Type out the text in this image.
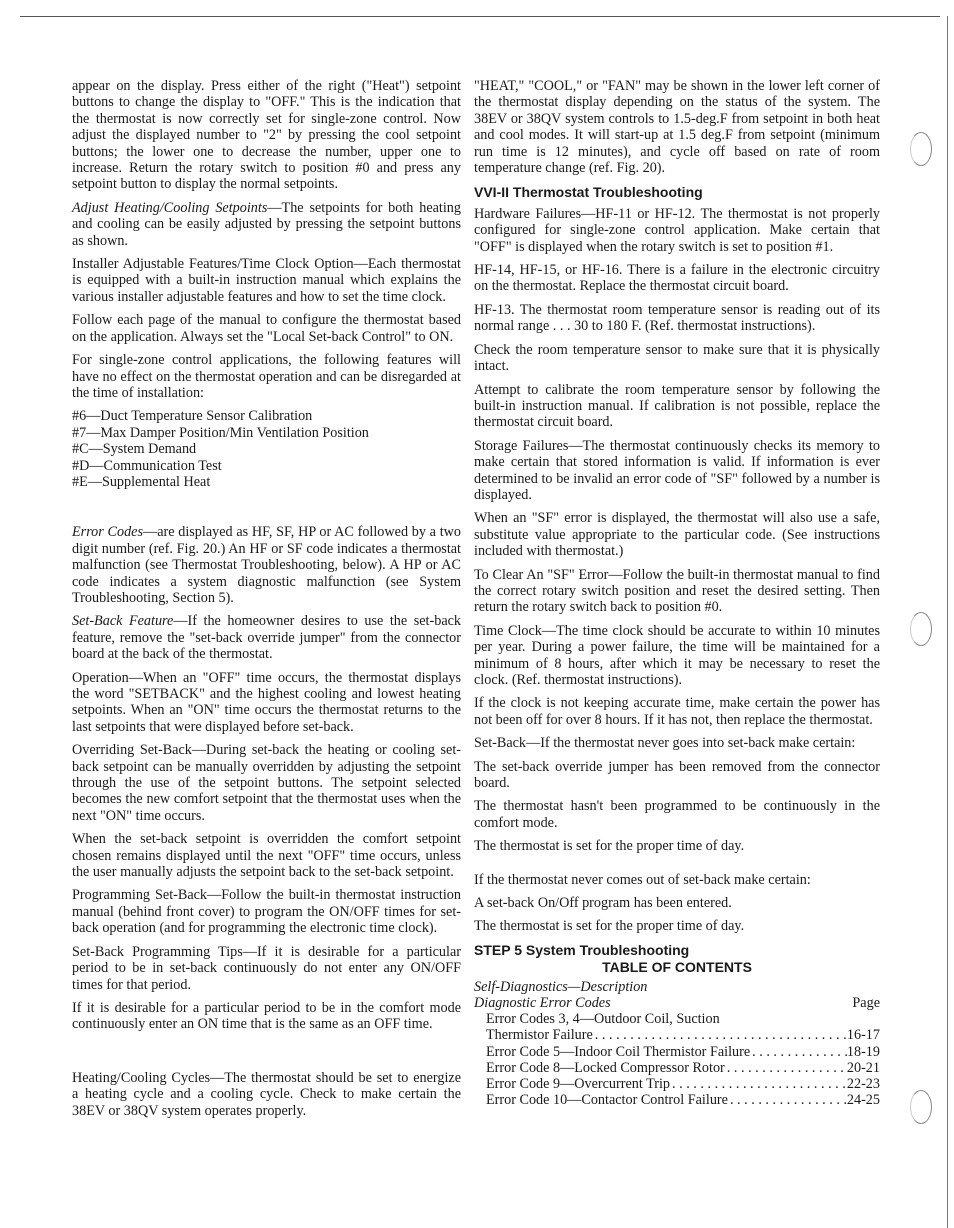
appear on the display. Press either of the right ("Heat") setpoint buttons to change the display to "OFF." This is the indication that the thermostat is now correctly set for single-zone control. Now adjust the displayed number to "2" by pressing the cool setpoint buttons; the lower one to decrease the number, upper one to increase. Return the rotary switch to position #0 and press any setpoint button to display the normal setpoints.

Adjust Heating/Cooling Setpoints—The setpoints for both heating and cooling can be easily adjusted by pressing the setpoint buttons as shown.

Installer Adjustable Features/Time Clock Option—Each thermostat is equipped with a built-in instruction manual which explains the various installer adjustable features and how to set the time clock.

Follow each page of the manual to configure the thermostat based on the application. Always set the "Local Set-back Control" to ON.

For single-zone control applications, the following features will have no effect on the thermostat operation and can be disregarded at the time of installation:

#6—Duct Temperature Sensor Calibration
#7—Max Damper Position/Min Ventilation Position
#C—System Demand
#D—Communication Test
#E—Supplemental Heat

Error Codes—are displayed as HF, SF, HP or AC followed by a two digit number (ref. Fig. 20.) An HF or SF code indicates a thermostat malfunction (see Thermostat Troubleshooting, below). A HP or AC code indicates a system diagnostic malfunction (see System Troubleshooting, Section 5).

Set-Back Feature—If the homeowner desires to use the set-back feature, remove the "set-back override jumper" from the connector board at the back of the thermostat.

Operation—When an "OFF" time occurs, the thermostat displays the word "SETBACK" and the highest cooling and lowest heating setpoints. When an "ON" time occurs the thermostat returns to the last setpoints that were displayed before set-back.

Overriding Set-Back—During set-back the heating or cooling set-back setpoint can be manually overridden by adjusting the setpoint through the use of the setpoint buttons. The setpoint selected becomes the new comfort setpoint that the thermostat uses when the next "ON" time occurs.

When the set-back setpoint is overridden the comfort setpoint chosen remains displayed until the next "OFF" time occurs, unless the user manually adjusts the setpoint back to the set-back setpoint.

Programming Set-Back—Follow the built-in thermostat instruction manual (behind front cover) to program the ON/OFF times for set-back operation (and for programming the electronic time clock).

Set-Back Programming Tips—If it is desirable for a particular period to be in set-back continuously do not enter any ON/OFF times for that period.

If it is desirable for a particular period to be in the comfort mode continuously enter an ON time that is the same as an OFF time.

Heating/Cooling Cycles—The thermostat should be set to energize a heating cycle and a cooling cycle. Check to make certain the 38EV or 38QV system operates properly.

"HEAT," "COOL," or "FAN" may be shown in the lower left corner of the thermostat display depending on the status of the system. The 38EV or 38QV system controls to 1.5-deg.F from setpoint in both heat and cool modes. It will start-up at 1.5 deg.F from setpoint (minimum run time is 12 minutes), and cycle off based on rate of room temperature change (ref. Fig. 20).

VVI-II Thermostat Troubleshooting

Hardware Failures—HF-11 or HF-12. The thermostat is not properly configured for single-zone control application. Make certain that "OFF" is displayed when the rotary switch is set to position #1.

HF-14, HF-15, or HF-16. There is a failure in the electronic circuitry on the thermostat. Replace the thermostat circuit board.

HF-13. The thermostat room temperature sensor is reading out of its normal range . . . 30 to 180 F. (Ref. thermostat instructions).

Check the room temperature sensor to make sure that it is physically intact.

Attempt to calibrate the room temperature sensor by following the built-in instruction manual. If calibration is not possible, replace the thermostat circuit board.

Storage Failures—The thermostat continuously checks its memory to make certain that stored information is valid. If information is ever determined to be invalid an error code of "SF" followed by a number is displayed.

When an "SF" error is displayed, the thermostat will also use a safe, substitute value appropriate to the particular code. (See instructions included with thermostat.)

To Clear An "SF" Error—Follow the built-in thermostat manual to find the correct rotary switch position and reset the desired setting. Then return the rotary switch back to position #0.

Time Clock—The time clock should be accurate to within 10 minutes per year. During a power failure, the time will be maintained for a minimum of 8 hours, after which it may be necessary to reset the clock. (Ref. thermostat instructions).

If the clock is not keeping accurate time, make certain the power has not been off for over 8 hours. If it has not, then replace the thermostat.

Set-Back—If the thermostat never goes into set-back make certain:

The set-back override jumper has been removed from the connector board.

The thermostat hasn't been programmed to be continuously in the comfort mode.

The thermostat is set for the proper time of day.

If the thermostat never comes out of set-back make certain:

A set-back On/Off program has been entered.

The thermostat is set for the proper time of day.

STEP 5 System Troubleshooting
TABLE OF CONTENTS
Self-Diagnostics—Description
Diagnostic Error Codes	Page
Error Codes 3, 4—Outdoor Coil, Suction
Thermistor Failure . . .	16-17
Error Code 5—Indoor Coil Thermistor Failure . . .	18-19
Error Code 8—Locked Compressor Rotor . . .	20-21
Error Code 9—Overcurrent Trip . . .	22-23
Error Code 10—Contactor Control Failure . . .	24-25
